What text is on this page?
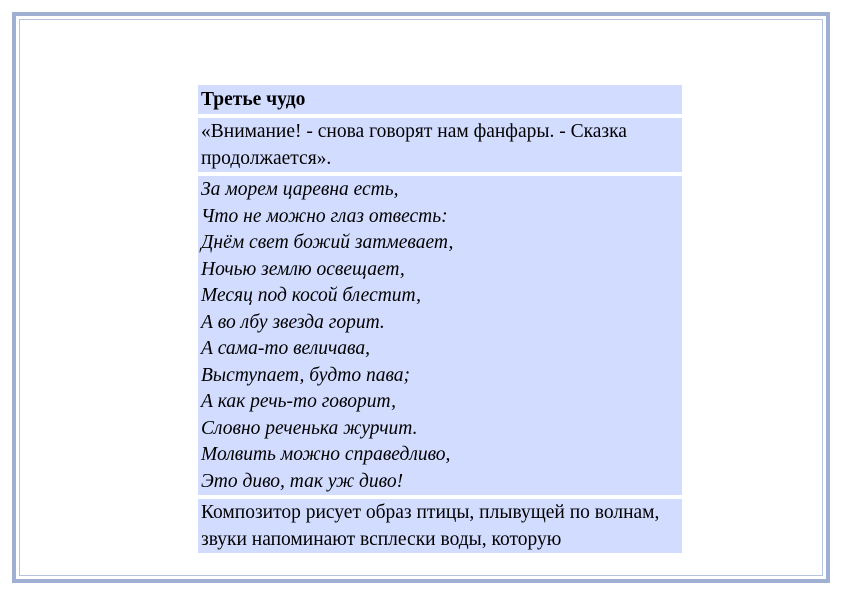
Третье чудо
«Внимание! - снова говорят нам фанфары. - Сказка продолжается».
За морем царевна есть,
Что не можно глаз отвесть:
Днём свет божий затмевает,
Ночью землю освещает,
Месяц под косой блестит,
А во лбу звезда горит.
А сама-то величава,
Выступает, будто пава;
А как речь-то говорит,
Словно реченька журчит.
Молвить можно справедливо,
Это диво, так уж диво!
Композитор рисует образ птицы, плывущей по волнам, звуки напоминают всплески воды, которую
